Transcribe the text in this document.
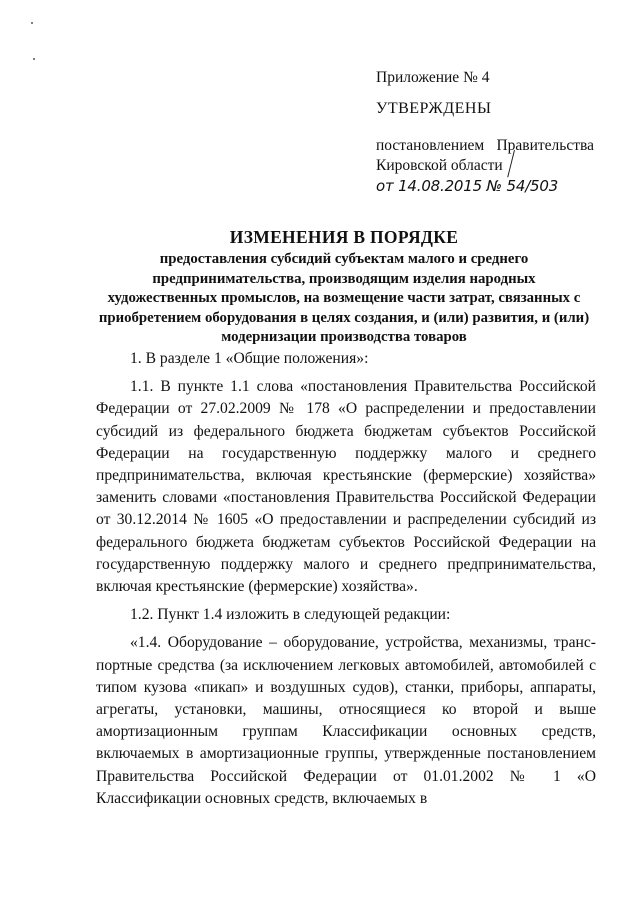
Приложение № 4
УТВЕРЖДЕНЫ
постановлением Правительства
Кировской области
от 14.08.2015 № 54/503

ИЗМЕНЕНИЯ В ПОРЯДКЕ

предоставления субсидий субъектам малого и среднего предпринимательства, производящим изделия народных художественных промыслов, на возмещение части затрат, связанных с приобретением оборудования в целях создания, и (или) развития, и (или) модернизации производства товаров

1. В разделе 1 «Общие положения»:

1.1. В пункте 1.1 слова «постановления Правительства Российской Федерации от 27.02.2009 № 178 «О распределении и предоставлении субсидий из федерального бюджета бюджетам субъектов Российской Федерации на государственную поддержку малого и среднего предпринимательства, включая крестьянские (фермерские) хозяйства» заменить словами «постановления Правительства Российской Федерации от 30.12.2014 № 1605 «О предоставлении и распределении субсидий из федерального бюджета бюджетам субъектов Российской Федерации на государственную поддержку малого и среднего предпринимательства, включая крестьянские (фермерские) хозяйства».

1.2. Пункт 1.4 изложить в следующей редакции:

«1.4. Оборудование – оборудование, устройства, механизмы, транспортные средства (за исключением легковых автомобилей, автомобилей с типом кузова «пикап» и воздушных судов), станки, приборы, аппараты, агрегаты, установки, машины, относящиеся ко второй и выше амортизационным группам Классификации основных средств, включаемых в амортизационные группы, утвержденные постановлением Правительства Российской Федерации от 01.01.2002 № 1 «О Классификации основных средств, включаемых в
